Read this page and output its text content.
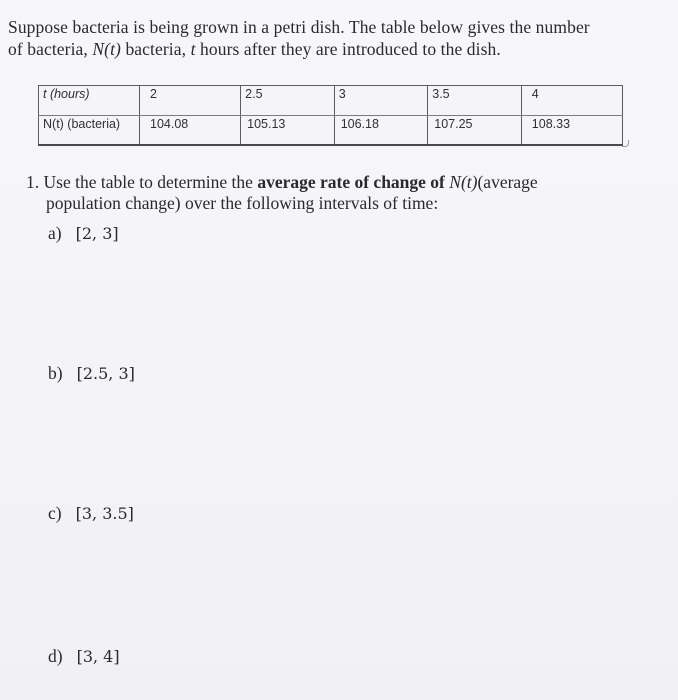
Suppose bacteria is being grown in a petri dish. The table below gives the number
of bacteria, N(t) bacteria, t hours after they are introduced to the dish.
t (hours)	2	2.5	3	3.5	4
N(t) (bacteria)	104.08	105.13	106.18	107.25	108.33
1. Use the table to determine the average rate of change of N(t)(average
population change) over the following intervals of time:
a) [2, 3]
b) [2.5, 3]
c) [3, 3.5]
d) [3, 4]
